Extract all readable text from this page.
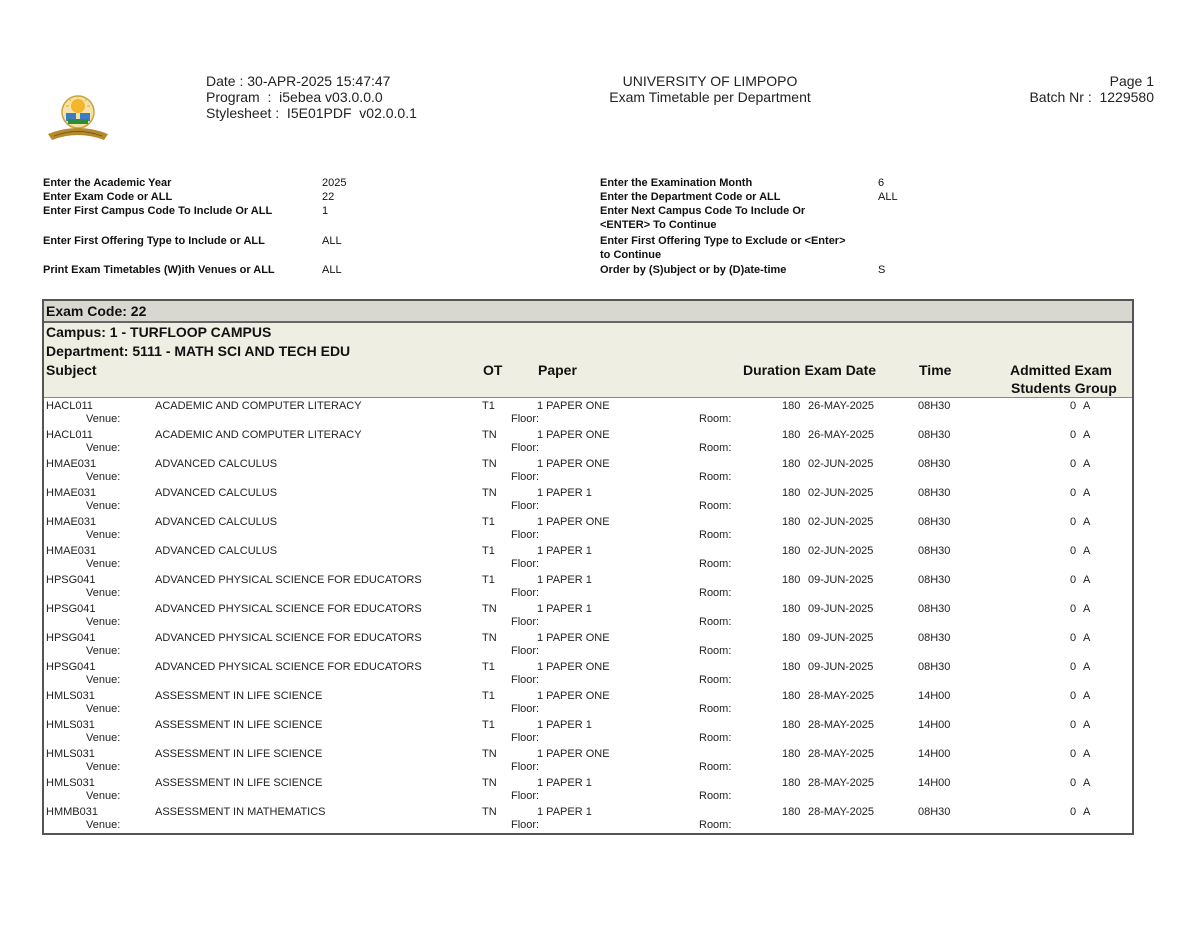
Date : 30-APR-2025 15:47:47
Program  :  i5ebea v03.0.0.0
Stylesheet :  I5E01PDF  v02.0.0.1
UNIVERSITY OF LIMPOPO
Exam Timetable per Department
Page 1
Batch Nr :  1229580
Enter the Academic Year	2025
Enter Exam Code or ALL	22
Enter First Campus Code To Include Or ALL	1
Enter First Offering Type to Include or ALL	ALL
Print Exam Timetables (W)ith Venues or ALL	ALL
Enter the Examination Month	6
Enter the Department Code or ALL	ALL
Enter Next Campus Code To Include Or
<ENTER> To Continue
Enter First Offering Type to Exclude or <Enter>
to Continue
Order by (S)ubject or by (D)ate-time	S
Exam Code: 22
Campus: 1 - TURFLOOP CAMPUS
Department: 5111 - MATH SCI AND TECH EDU
Subject	OT	Paper	Duration Exam Date	Time	Admitted Exam
Students Group
HACL011	ACADEMIC AND COMPUTER LITERACY	T1	1 PAPER ONE	180 26-MAY-2025	08H30	0 A
Venue:	Floor:	Room:
HACL011	ACADEMIC AND COMPUTER LITERACY	TN	1 PAPER ONE	180 26-MAY-2025	08H30	0 A
Venue:	Floor:	Room:
HMAE031	ADVANCED CALCULUS	TN	1 PAPER ONE	180 02-JUN-2025	08H30	0 A
Venue:	Floor:	Room:
HMAE031	ADVANCED CALCULUS	TN	1 PAPER 1	180 02-JUN-2025	08H30	0 A
Venue:	Floor:	Room:
HMAE031	ADVANCED CALCULUS	T1	1 PAPER ONE	180 02-JUN-2025	08H30	0 A
Venue:	Floor:	Room:
HMAE031	ADVANCED CALCULUS	T1	1 PAPER 1	180 02-JUN-2025	08H30	0 A
Venue:	Floor:	Room:
HPSG041	ADVANCED PHYSICAL SCIENCE FOR EDUCATORS	T1	1 PAPER 1	180 09-JUN-2025	08H30	0 A
Venue:	Floor:	Room:
HPSG041	ADVANCED PHYSICAL SCIENCE FOR EDUCATORS	TN	1 PAPER 1	180 09-JUN-2025	08H30	0 A
Venue:	Floor:	Room:
HPSG041	ADVANCED PHYSICAL SCIENCE FOR EDUCATORS	TN	1 PAPER ONE	180 09-JUN-2025	08H30	0 A
Venue:	Floor:	Room:
HPSG041	ADVANCED PHYSICAL SCIENCE FOR EDUCATORS	T1	1 PAPER ONE	180 09-JUN-2025	08H30	0 A
Venue:	Floor:	Room:
HMLS031	ASSESSMENT IN LIFE SCIENCE	T1	1 PAPER ONE	180 28-MAY-2025	14H00	0 A
Venue:	Floor:	Room:
HMLS031	ASSESSMENT IN LIFE SCIENCE	T1	1 PAPER 1	180 28-MAY-2025	14H00	0 A
Venue:	Floor:	Room:
HMLS031	ASSESSMENT IN LIFE SCIENCE	TN	1 PAPER ONE	180 28-MAY-2025	14H00	0 A
Venue:	Floor:	Room:
HMLS031	ASSESSMENT IN LIFE SCIENCE	TN	1 PAPER 1	180 28-MAY-2025	14H00	0 A
Venue:	Floor:	Room:
HMMB031	ASSESSMENT IN MATHEMATICS	TN	1 PAPER 1	180 28-MAY-2025	08H30	0 A
Venue:	Floor:	Room:
